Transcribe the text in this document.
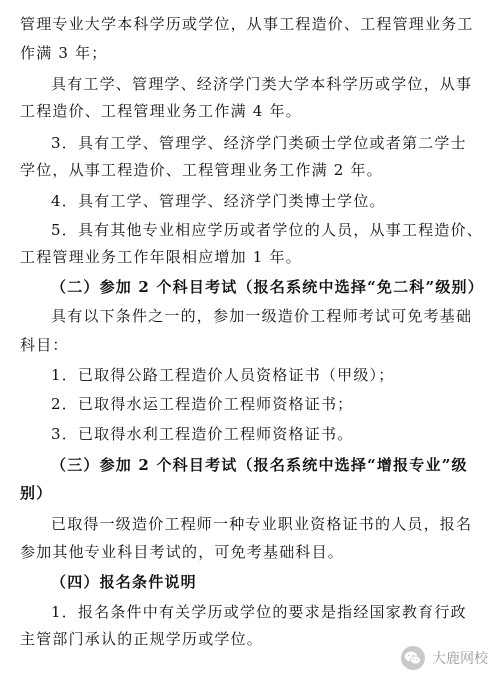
管理专业大学本科学历或学位，从事工程造价、工程管理业务工
作满 3 年；
具有工学、管理学、经济学门类大学本科学历或学位，从事
工程造价、工程管理业务工作满 4 年。
3．具有工学、管理学、经济学门类硕士学位或者第二学士
学位，从事工程造价、工程管理业务工作满 2 年。
4．具有工学、管理学、经济学门类博士学位。
5．具有其他专业相应学历或者学位的人员，从事工程造价、
工程管理业务工作年限相应增加 1 年。
（二）参加 2 个科目考试（报名系统中选择“免二科”级别）
具有以下条件之一的，参加一级造价工程师考试可免考基础
科目：
1．已取得公路工程造价人员资格证书（甲级）；
2．已取得水运工程造价工程师资格证书；
3．已取得水利工程造价工程师资格证书。
（三）参加 2 个科目考试（报名系统中选择“增报专业”级
别）
已取得一级造价工程师一种专业职业资格证书的人员，报名
参加其他专业科目考试的，可免考基础科目。
（四）报名条件说明
1．报名条件中有关学历或学位的要求是指经国家教育行政
主管部门承认的正规学历或学位。
大鹿网校
